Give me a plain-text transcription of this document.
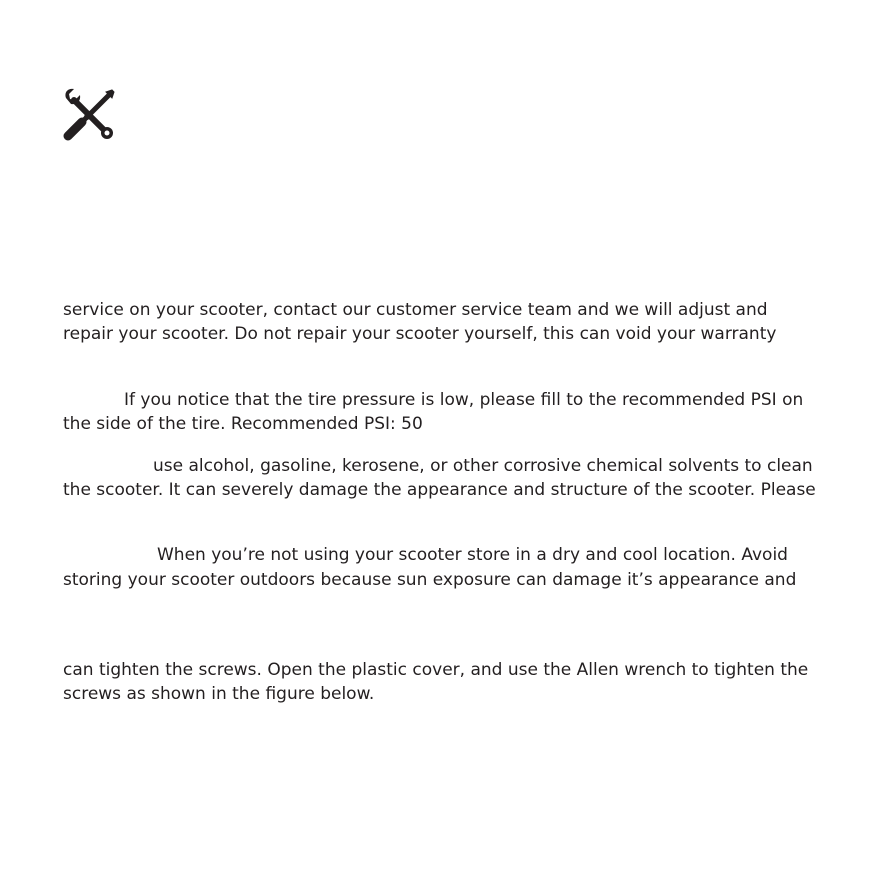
service on your scooter, contact our customer service team and we will adjust and

repair your scooter. Do not repair your scooter yourself, this can void your warranty

If you notice that the tire pressure is low, please fill to the recommended PSI on

the side of the tire. Recommended PSI: 50

use alcohol, gasoline, kerosene, or other corrosive chemical solvents to clean

the scooter. It can severely damage the appearance and structure of the scooter. Please

When you’re not using your scooter store in a dry and cool location. Avoid

storing your scooter outdoors because sun exposure can damage it’s appearance and

can tighten the screws. Open the plastic cover, and use the Allen wrench to tighten the

screws as shown in the figure below.
